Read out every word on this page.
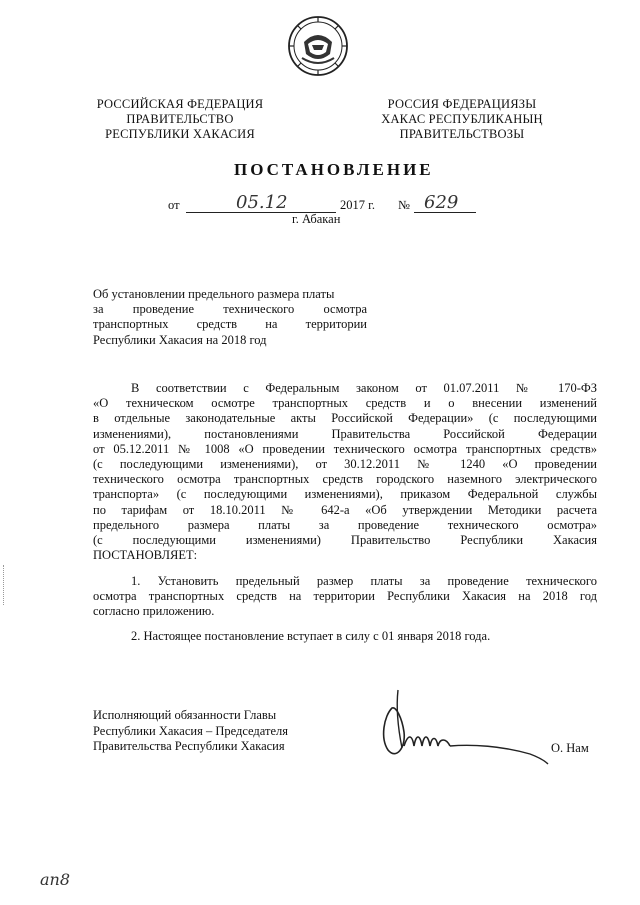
РОССИЙСКАЯ ФЕДЕРАЦИЯ
ПРАВИТЕЛЬСТВО
РЕСПУБЛИКИ ХАКАСИЯ
РОССИЯ ФЕДЕРАЦИЯЗЫ
ХАКАС РЕСПУБЛИКАНЫҢ
ПРАВИТЕЛЬСТВОЗЫ
ПОСТАНОВЛЕНИЕ
от	05.12	2017 г. № 629
г. Абакан
Об установлении предельного размера платы
за проведение технического осмотра
транспортных средств на территории
Республики Хакасия на 2018 год
В соответствии с Федеральным законом от 01.07.2011 № 170-ФЗ
«О техническом осмотре транспортных средств и о внесении изменений
в отдельные законодательные акты Российской Федерации» (с последующими
изменениями), постановлениями Правительства Российской Федерации
от 05.12.2011 № 1008 «О проведении технического осмотра транспортных средств»
(с последующими изменениями), от 30.12.2011 № 1240 «О проведении
технического осмотра транспортных средств городского наземного электрического
транспорта» (с последующими изменениями), приказом Федеральной службы
по тарифам от 18.10.2011 № 642-а «Об утверждении Методики расчета
предельного размера платы за проведение технического осмотра»
(с последующими изменениями) Правительство Республики Хакасия
ПОСТАНОВЛЯЕТ:
1. Установить предельный размер платы за проведение технического
осмотра транспортных средств на территории Республики Хакасия на 2018 год
согласно приложению.
2. Настоящее постановление вступает в силу с 01 января 2018 года.
Исполняющий обязанности Главы
Республики Хакасия – Председателя
Правительства Республики Хакасия	О. Нам
ап8
